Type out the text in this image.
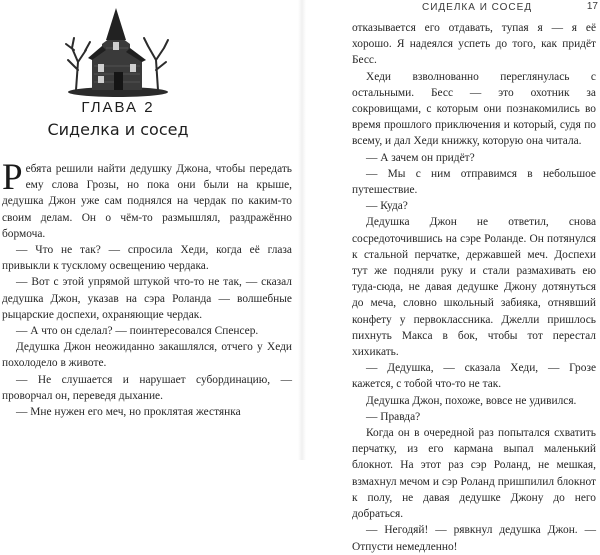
ГЛАВА 2
Сиделка и сосед

Ребята решили найти дедушку Джона, чтобы передать ему слова Грозы, но пока они были на крыше, дедушка Джон уже сам поднялся на чердак по каким-то своим делам. Он о чём-то размышлял, раздражённо бормоча.

— Что не так? — спросила Хеди, когда её глаза привыкли к тусклому освещению чердака.

— Вот с этой упрямой штукой что-то не так, — сказал дедушка Джон, указав на сэра Роланда — волшебные рыцарские доспехи, охраняющие чердак.

— А что он сделал? — поинтересовался Спенсер.

Дедушка Джон неожиданно закашлялся, отчего у Хеди похолодело в животе.

— Не слушается и нарушает субординацию, — проворчал он, переведя дыхание.

— Мне нужен его меч, но проклятая жестянка

СИДЕЛКА И СОСЕД	17

отказывается его отдавать, тупая я — я её хорошо. Я надеялся успеть до того, как придёт Бесс.

Хеди взволнованно переглянулась с остальными. Бесс — это охотник за сокровищами, с которым они познакомились во время прошлого приключения и который, судя по всему, и дал Хеди книжку, которую она читала.

— А зачем он придёт?

— Мы с ним отправимся в небольшое путешествие.

— Куда?

Дедушка Джон не ответил, снова сосредоточившись на сэре Роланде. Он потянулся к стальной перчатке, державшей меч. Доспехи тут же подняли руку и стали размахивать ею туда-сюда, не давая дедушке Джону дотянуться до меча, словно школьный забияка, отнявший конфету у первоклассника. Джелли пришлось пихнуть Макса в бок, чтобы тот перестал хихикать.

— Дедушка, — сказала Хеди, — Грозе кажется, с тобой что-то не так.

Дедушка Джон, похоже, вовсе не удивился.

— Правда?

Когда он в очередной раз попытался схватить перчатку, из его кармана выпал маленький блокнот. На этот раз сэр Роланд, не мешкая, взмахнул мечом и сэр Роланд пришпилил блокнот к полу, не давая дедушке Джону до него добраться.

— Негодяй! — рявкнул дедушка Джон. — Отпусти немедленно!
